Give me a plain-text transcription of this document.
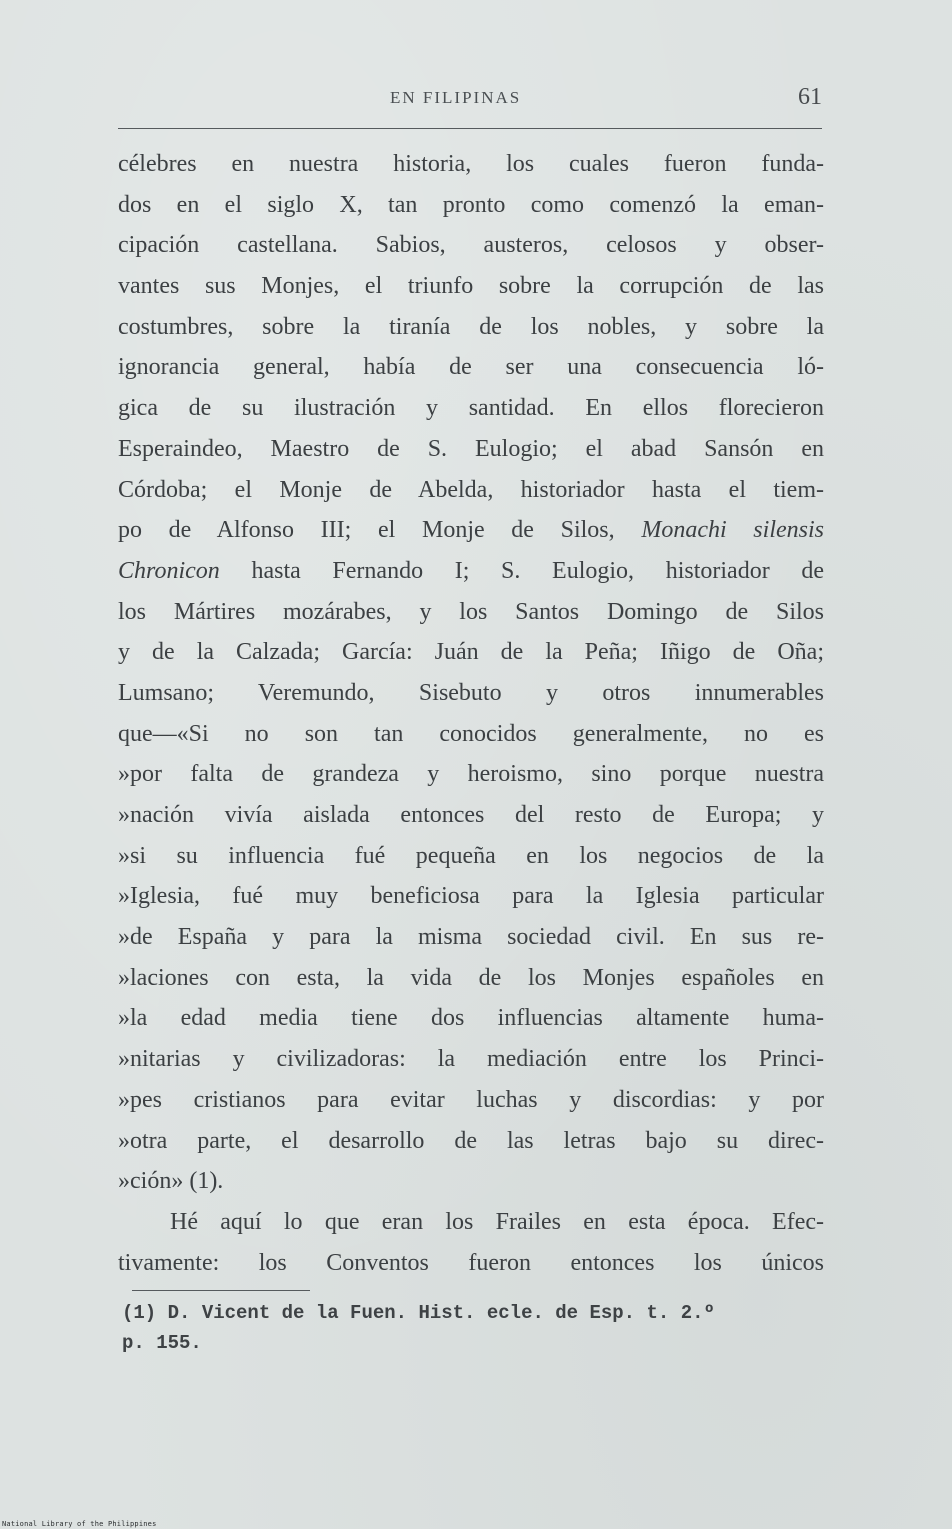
EN FILIPINAS	61
célebres en nuestra historia, los cuales fueron funda-
dos en el siglo X, tan pronto como comenzó la eman-
cipación castellana. Sabios, austeros, celosos y obser-
vantes sus Monjes, el triunfo sobre la corrupción de las
costumbres, sobre la tiranía de los nobles, y sobre la
ignorancia general, había de ser una consecuencia ló-
gica de su ilustración y santidad. En ellos florecieron
Esperaindeo, Maestro de S. Eulogio; el abad Sansón en
Córdoba; el Monje de Abelda, historiador hasta el tiem-
po de Alfonso III; el Monje de Silos, Monachi silensis
Chronicon hasta Fernando I; S. Eulogio, historiador de
los Mártires mozárabes, y los Santos Domingo de Silos
y de la Calzada; García: Juán de la Peña; Iñigo de Oña;
Lumsano; Veremundo, Sisebuto y otros innumerables
que—«Si no son tan conocidos generalmente, no es
»por falta de grandeza y heroismo, sino porque nuestra
»nación vivía aislada entonces del resto de Europa; y
»si su influencia fué pequeña en los negocios de la
»Iglesia, fué muy beneficiosa para la Iglesia particular
»de España y para la misma sociedad civil. En sus re-
»laciones con esta, la vida de los Monjes españoles en
»la edad media tiene dos influencias altamente huma-
»nitarias y civilizadoras: la mediación entre los Princi-
»pes cristianos para evitar luchas y discordias: y por
»otra parte, el desarrollo de las letras bajo su direc-
»ción» (1).
Hé aquí lo que eran los Frailes en esta época. Efec-
tivamente: los Conventos fueron entonces los únicos
(1) D. Vicent de la Fuen. Hist. ecle. de Esp. t. 2.º
p. 155.
National Library of the Philippines
